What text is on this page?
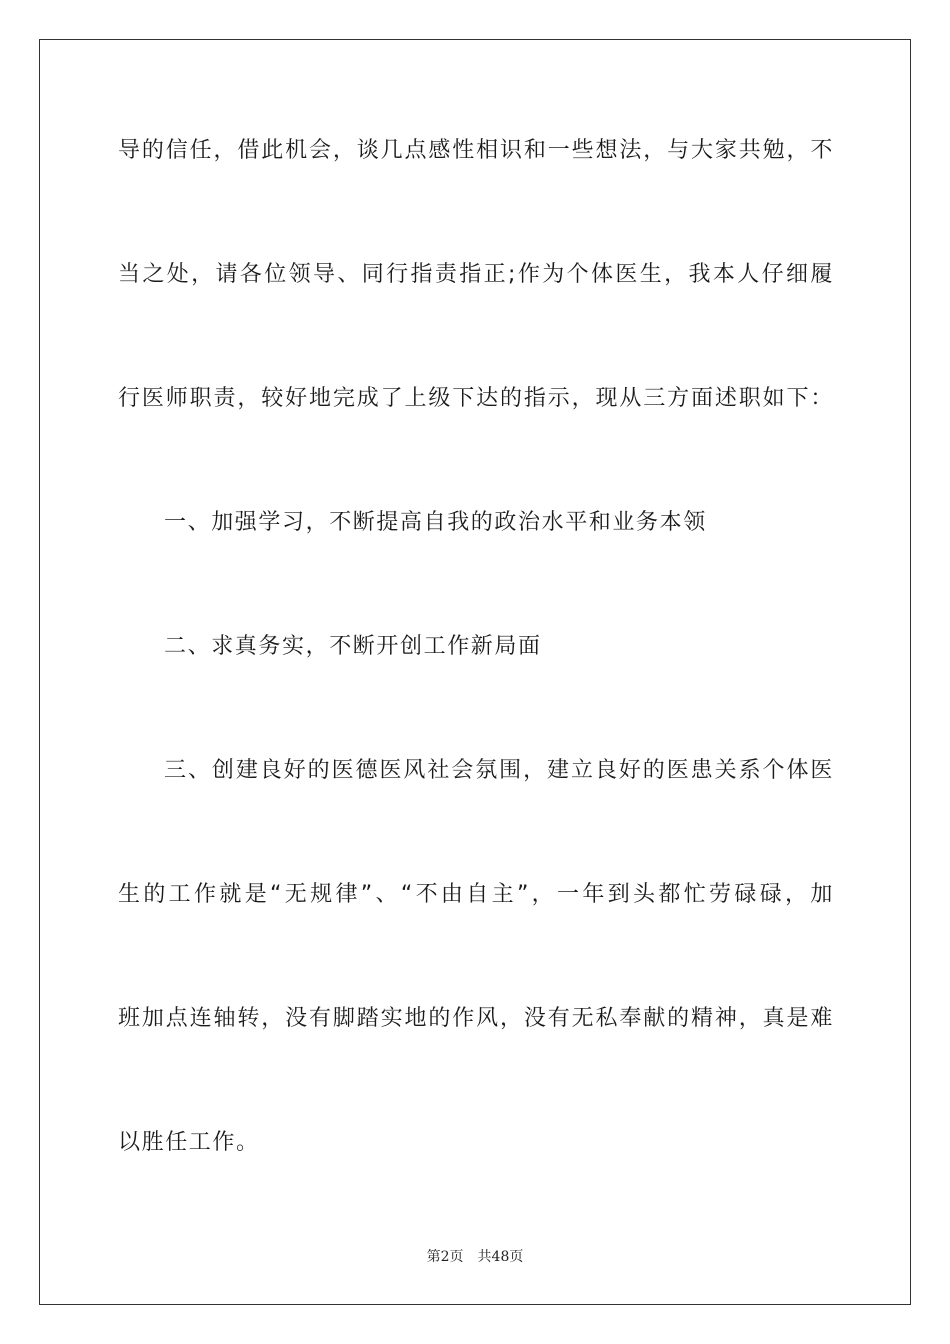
导的信任，借此机会，谈几点感性相识和一些想法，与大家共勉，不
当之处，请各位领导、同行指责指正;作为个体医生，我本人仔细履
行医师职责，较好地完成了上级下达的指示，现从三方面述职如下：
一、加强学习，不断提高自我的政治水平和业务本领
二、求真务实，不断开创工作新局面
三、创建良好的医德医风社会氛围，建立良好的医患关系个体医
生的工作就是“无规律”、“不由自主”，一年到头都忙劳碌碌，加
班加点连轴转，没有脚踏实地的作风，没有无私奉献的精神，真是难
以胜任工作。
第2页 共48页
